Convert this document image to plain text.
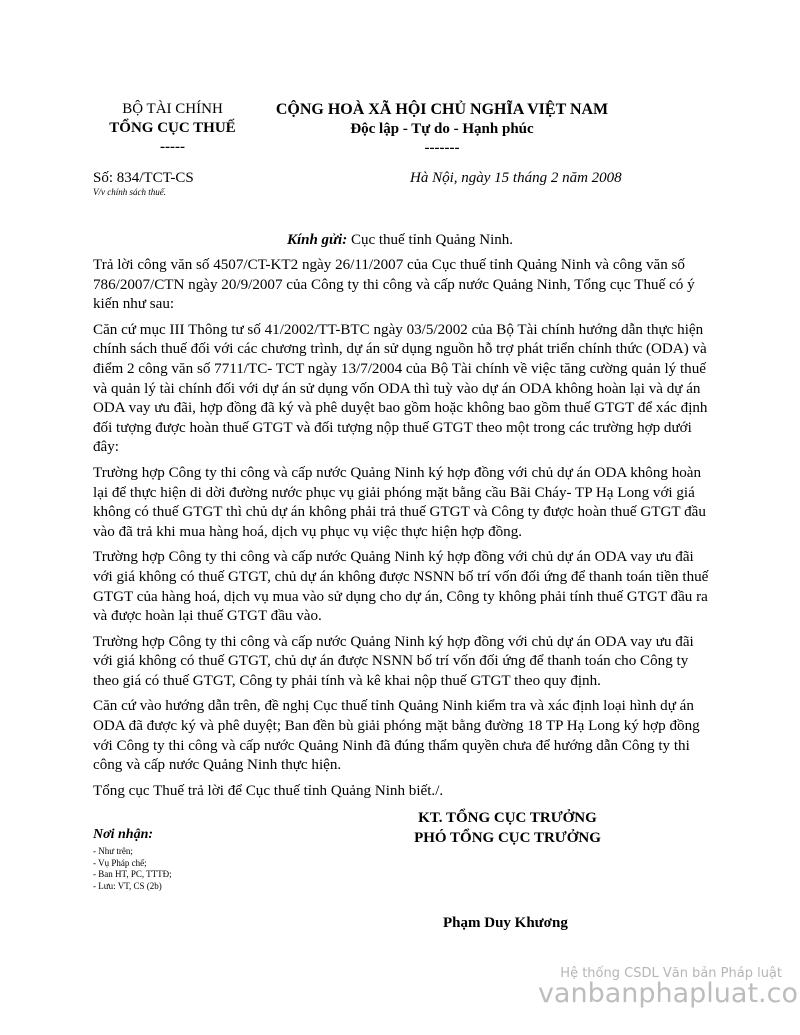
BỘ TÀI CHÍNH
TỔNG CỤC THUẾ
-----
CỘNG HOÀ XÃ HỘI CHỦ NGHĨA VIỆT NAM
Độc lập - Tự do - Hạnh phúc
-------
Số: 834/TCT-CS
V/v chính sách thuế.
Hà Nội, ngày 15 tháng 2 năm 2008
Kính gửi: Cục thuế tỉnh Quảng Ninh.

Trả lời công văn số 4507/CT-KT2 ngày 26/11/2007 của Cục thuế tỉnh Quảng Ninh và công văn số 786/2007/CTN ngày 20/9/2007 của Công ty thi công và cấp nước Quảng Ninh, Tổng cục Thuế có ý kiến như sau:

Căn cứ mục III Thông tư số 41/2002/TT-BTC ngày 03/5/2002 của Bộ Tài chính hướng dẫn thực hiện chính sách thuế đối với các chương trình, dự án sử dụng nguồn hỗ trợ phát triển chính thức (ODA) và điểm 2 công văn số 7711/TC- TCT ngày 13/7/2004 của Bộ Tài chính về việc tăng cường quản lý thuế và quản lý tài chính đối với dự án sử dụng vốn ODA thì tuỳ vào dự án ODA không hoàn lại và dự án ODA vay ưu đãi, hợp đồng đã ký và phê duyệt bao gồm hoặc không bao gồm thuế GTGT để xác định đối tượng được hoàn thuế GTGT và đối tượng nộp thuế GTGT theo một trong các trường hợp dưới đây:

Trường hợp Công ty thi công và cấp nước Quảng Ninh ký hợp đồng với chủ dự án ODA không hoàn lại để thực hiện di dời đường nước phục vụ giải phóng mặt bằng cầu Bãi Cháy- TP Hạ Long với giá không có thuế GTGT thì chủ dự án không phải trả thuế GTGT và Công ty được hoàn thuế GTGT đầu vào đã trả khi mua hàng hoá, dịch vụ phục vụ việc thực hiện hợp đồng.

Trường hợp Công ty thi công và cấp nước Quảng Ninh ký hợp đồng với chủ dự án ODA vay ưu đãi với giá không có thuế GTGT, chủ dự án không được NSNN bố trí vốn đối ứng để thanh toán tiền thuế GTGT của hàng hoá, dịch vụ mua vào sử dụng cho dự án, Công ty không phải tính thuế GTGT đầu ra và được hoàn lại thuế GTGT đầu vào.

Trường hợp Công ty thi công và cấp nước Quảng Ninh ký hợp đồng với chủ dự án ODA vay ưu đãi với giá không có thuế GTGT, chủ dự án được NSNN bố trí vốn đối ứng để thanh toán cho Công ty theo giá có thuế GTGT, Công ty phải tính và kê khai nộp thuế GTGT theo quy định.

Căn cứ vào hướng dẫn trên, đề nghị Cục thuế tỉnh Quảng Ninh kiểm tra và xác định loại hình dự án ODA đã được ký và phê duyệt; Ban đền bù giải phóng mặt bằng đường 18 TP Hạ Long ký hợp đồng với Công ty thi công và cấp nước Quảng Ninh đã đúng thẩm quyền chưa để hướng dẫn Công ty thi công và cấp nước Quảng Ninh thực hiện.

Tổng cục Thuế trả lời để Cục thuế tỉnh Quảng Ninh biết./.

KT. TỔNG CỤC TRƯỞNG
PHÓ TỔNG CỤC TRƯỞNG
Nơi nhận:
- Như trên;
- Vụ Pháp chế;
- Ban HT, PC, TTTĐ;
- Lưu: VT, CS (2b)
Phạm Duy Khương
Hệ thống CSDL Văn bản Pháp luật
vanbanphapluat.co
